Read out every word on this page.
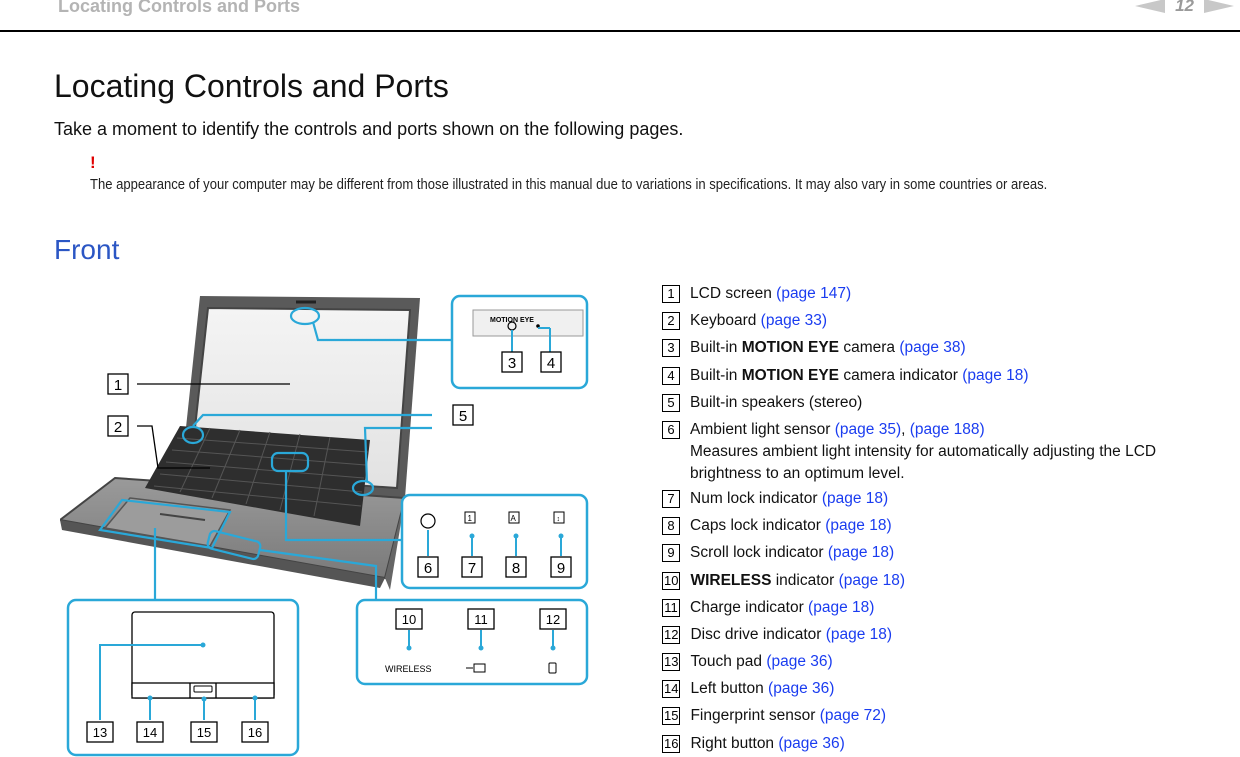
Locating Controls and Ports	12
Locating Controls and Ports
Take a moment to identify the controls and ports shown on the following pages.
!
The appearance of your computer may be different from those illustrated in this manual due to variations in specifications. It may also vary in some countries or areas.
Front
MOTION EYE
1	A	↕
WIRELESS
1
2
3 4
5
6 7 8 9
10	11	12
13	14	15	16
1 LCD screen (page 147)
2 Keyboard (page 33)
3 Built-in MOTION EYE camera (page 38)
4 Built-in MOTION EYE camera indicator (page 18)
5 Built-in speakers (stereo)
6 Ambient light sensor (page 35), (page 188)
Measures ambient light intensity for automatically adjusting the LCD brightness to an optimum level.
7 Num lock indicator (page 18)
8 Caps lock indicator (page 18)
9 Scroll lock indicator (page 18)
10 WIRELESS indicator (page 18)
11 Charge indicator (page 18)
12 Disc drive indicator (page 18)
13 Touch pad (page 36)
14 Left button (page 36)
15 Fingerprint sensor (page 72)
16 Right button (page 36)
